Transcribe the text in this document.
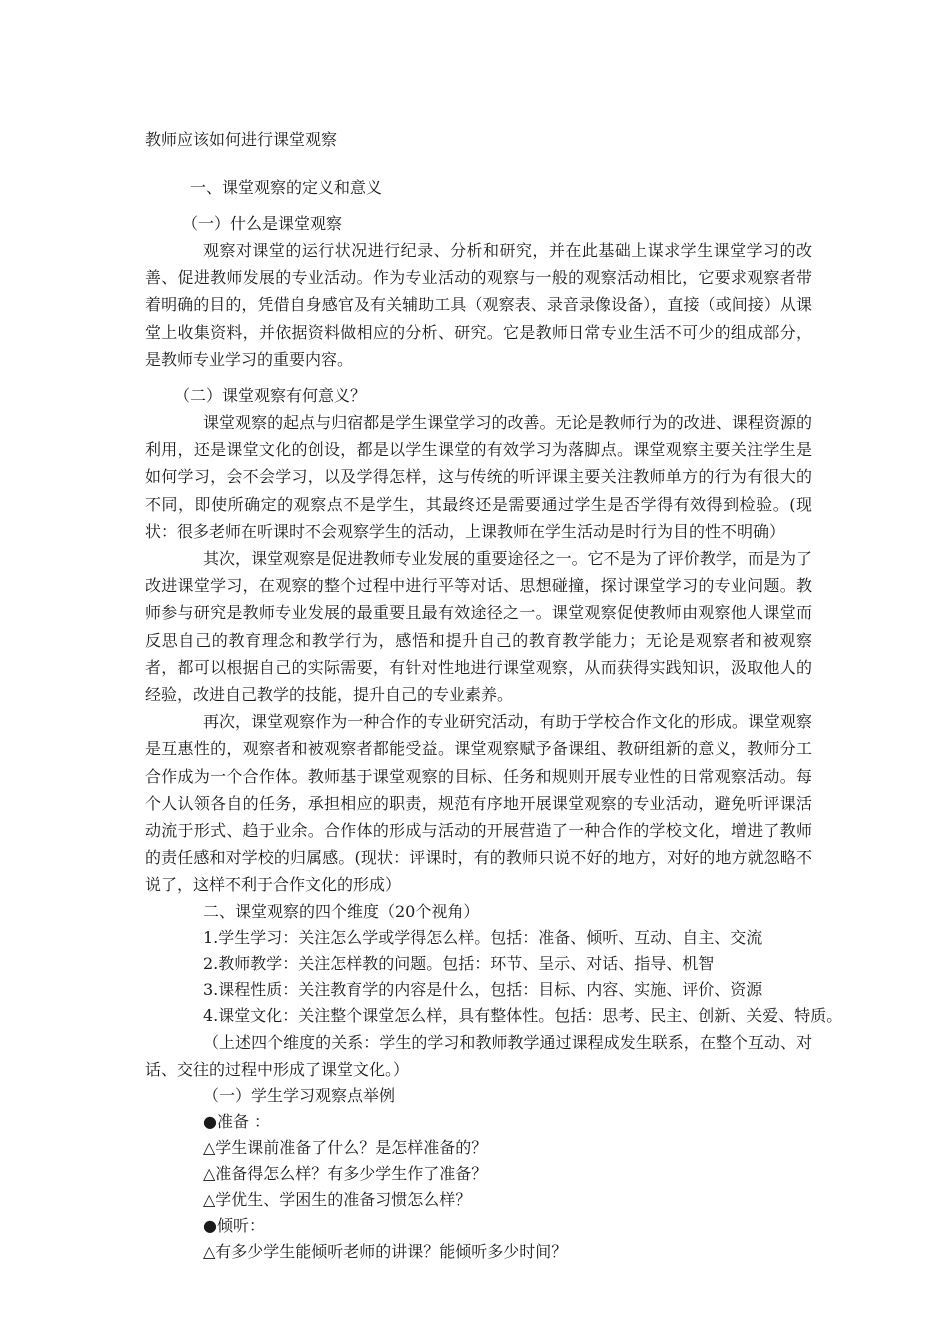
教师应该如何进行课堂观察
一、课堂观察的定义和意义
（一）什么是课堂观察
观察对课堂的运行状况进行纪录、分析和研究，并在此基础上谋求学生课堂学习的改善、促进教师发展的专业活动。作为专业活动的观察与一般的观察活动相比，它要求观察者带着明确的目的，凭借自身感官及有关辅助工具（观察表、录音录像设备），直接（或间接）从课堂上收集资料，并依据资料做相应的分析、研究。它是教师日常专业生活不可少的组成部分，是教师专业学习的重要内容。
（二）课堂观察有何意义？
课堂观察的起点与归宿都是学生课堂学习的改善。无论是教师行为的改进、课程资源的利用，还是课堂文化的创设，都是以学生课堂的有效学习为落脚点。课堂观察主要关注学生是如何学习，会不会学习，以及学得怎样，这与传统的听评课主要关注教师单方的行为有很大的不同，即使所确定的观察点不是学生，其最终还是需要通过学生是否学得有效得到检验。(现状：很多老师在听课时不会观察学生的活动，上课教师在学生活动是时行为目的性不明确）
其次，课堂观察是促进教师专业发展的重要途径之一。它不是为了评价教学，而是为了改进课堂学习，在观察的整个过程中进行平等对话、思想碰撞，探讨课堂学习的专业问题。教师参与研究是教师专业发展的最重要且最有效途径之一。课堂观察促使教师由观察他人课堂而反思自己的教育理念和教学行为，感悟和提升自己的教育教学能力；无论是观察者和被观察者，都可以根据自己的实际需要，有针对性地进行课堂观察，从而获得实践知识，汲取他人的经验，改进自己教学的技能，提升自己的专业素养。
再次，课堂观察作为一种合作的专业研究活动，有助于学校合作文化的形成。课堂观察是互惠性的，观察者和被观察者都能受益。课堂观察赋予备课组、教研组新的意义，教师分工合作成为一个合作体。教师基于课堂观察的目标、任务和规则开展专业性的日常观察活动。每个人认领各自的任务，承担相应的职责，规范有序地开展课堂观察的专业活动，避免听评课活动流于形式、趋于业余。合作体的形成与活动的开展营造了一种合作的学校文化，增进了教师的责任感和对学校的归属感。(现状：评课时，有的教师只说不好的地方，对好的地方就忽略不说了，这样不利于合作文化的形成）
二、课堂观察的四个维度（20个视角）
1.学生学习：关注怎么学或学得怎么样。包括：准备、倾听、互动、自主、交流
2.教师教学：关注怎样教的问题。包括：环节、呈示、对话、指导、机智
3.课程性质：关注教育学的内容是什么，包括：目标、内容、实施、评价、资源
4.课堂文化：关注整个课堂怎么样，具有整体性。包括：思考、民主、创新、关爱、特质。
（上述四个维度的关系：学生的学习和教师教学通过课程成发生联系，在整个互动、对话、交往的过程中形成了课堂文化。）
（一）学生学习观察点举例
●准备 ：
△学生课前准备了什么？是怎样准备的？
△准备得怎么样？有多少学生作了准备？
△学优生、学困生的准备习惯怎么样？
●倾听：
△有多少学生能倾听老师的讲课？能倾听多少时间？
